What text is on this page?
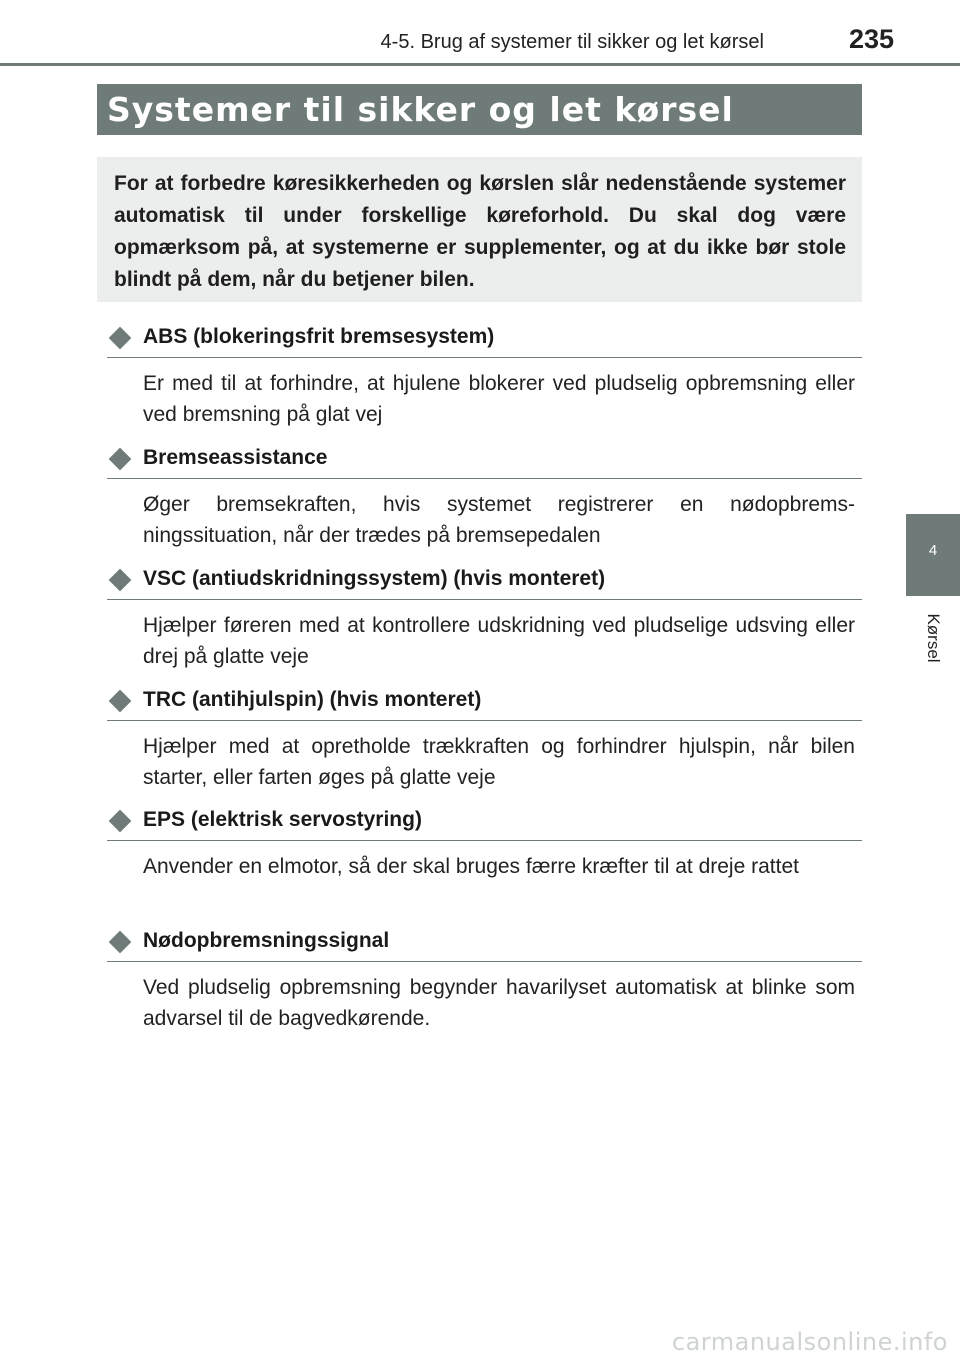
4-5. Brug af systemer til sikker og let kørsel	235
Systemer til sikker og let kørsel

For at forbedre køresikkerheden og kørslen slår nedenstående systemer automatisk til under forskellige køreforhold. Du skal dog være opmærksom på, at systemerne er supplementer, og at du ikke bør stole blindt på dem, når du betjener bilen.

ABS (blokeringsfrit bremsesystem)
Er med til at forhindre, at hjulene blokerer ved pludselig opbremsning eller ved bremsning på glat vej
Bremseassistance
Øger bremsekraften, hvis systemet registrerer en nødopbremsningssituation, når der trædes på bremsepedalen
VSC (antiudskridningssystem) (hvis monteret)
Hjælper føreren med at kontrollere udskridning ved pludselige udsving eller drej på glatte veje
TRC (antihjulspin) (hvis monteret)
Hjælper med at opretholde trækkraften og forhindrer hjulspin, når bilen starter, eller farten øges på glatte veje
EPS (elektrisk servostyring)
Anvender en elmotor, så der skal bruges færre kræfter til at dreje rattet
Nødopbremsningssignal
Ved pludselig opbremsning begynder havarilyset automatisk at blinke som advarsel til de bagvedkørende.
4
Kørsel
carmanualsonline.info
